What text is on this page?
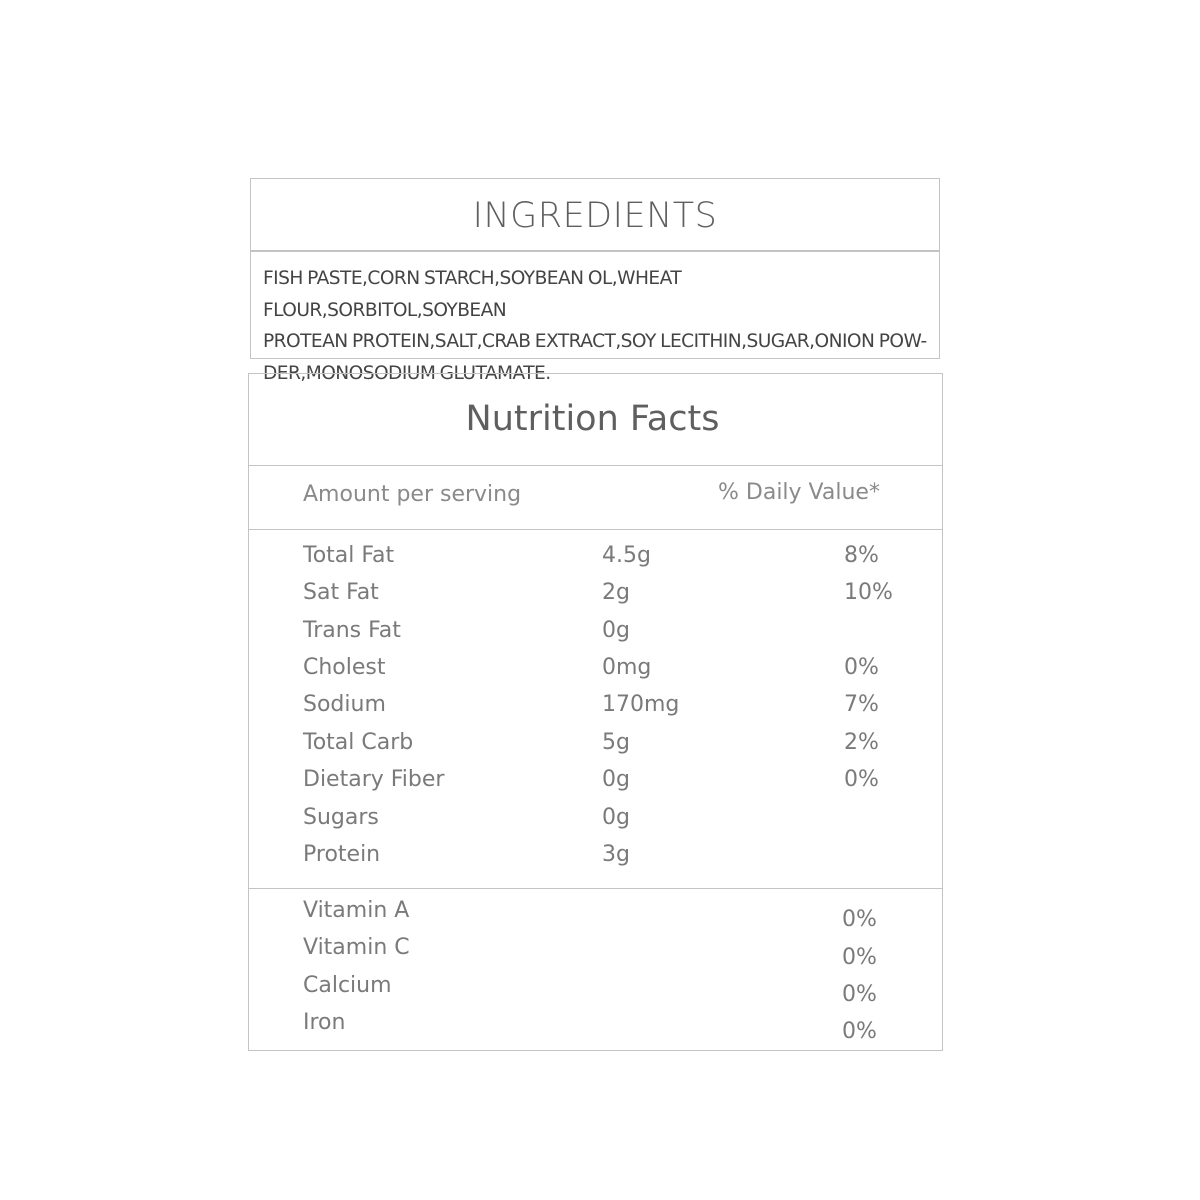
INGREDIENTS
FISH PASTE,CORN STARCH,SOYBEAN OL,WHEAT FLOUR,SORBITOL,SOYBEAN
PROTEAN PROTEIN,SALT,CRAB EXTRACT,SOY LECITHIN,SUGAR,ONION POW-
DER,MONOSODIUM GLUTAMATE.
Nutrition Facts
Amount per serving	% Daily Value*
Total Fat	4.5g	8%
Sat Fat	2g	10%
Trans Fat	0g
Cholest	0mg	0%
Sodium	170mg	7%
Total Carb	5g	2%
Dietary Fiber	0g	0%
Sugars	0g
Protein	3g
Vitamin A	0%
Vitamin C	0%
Calcium	0%
Iron	0%
